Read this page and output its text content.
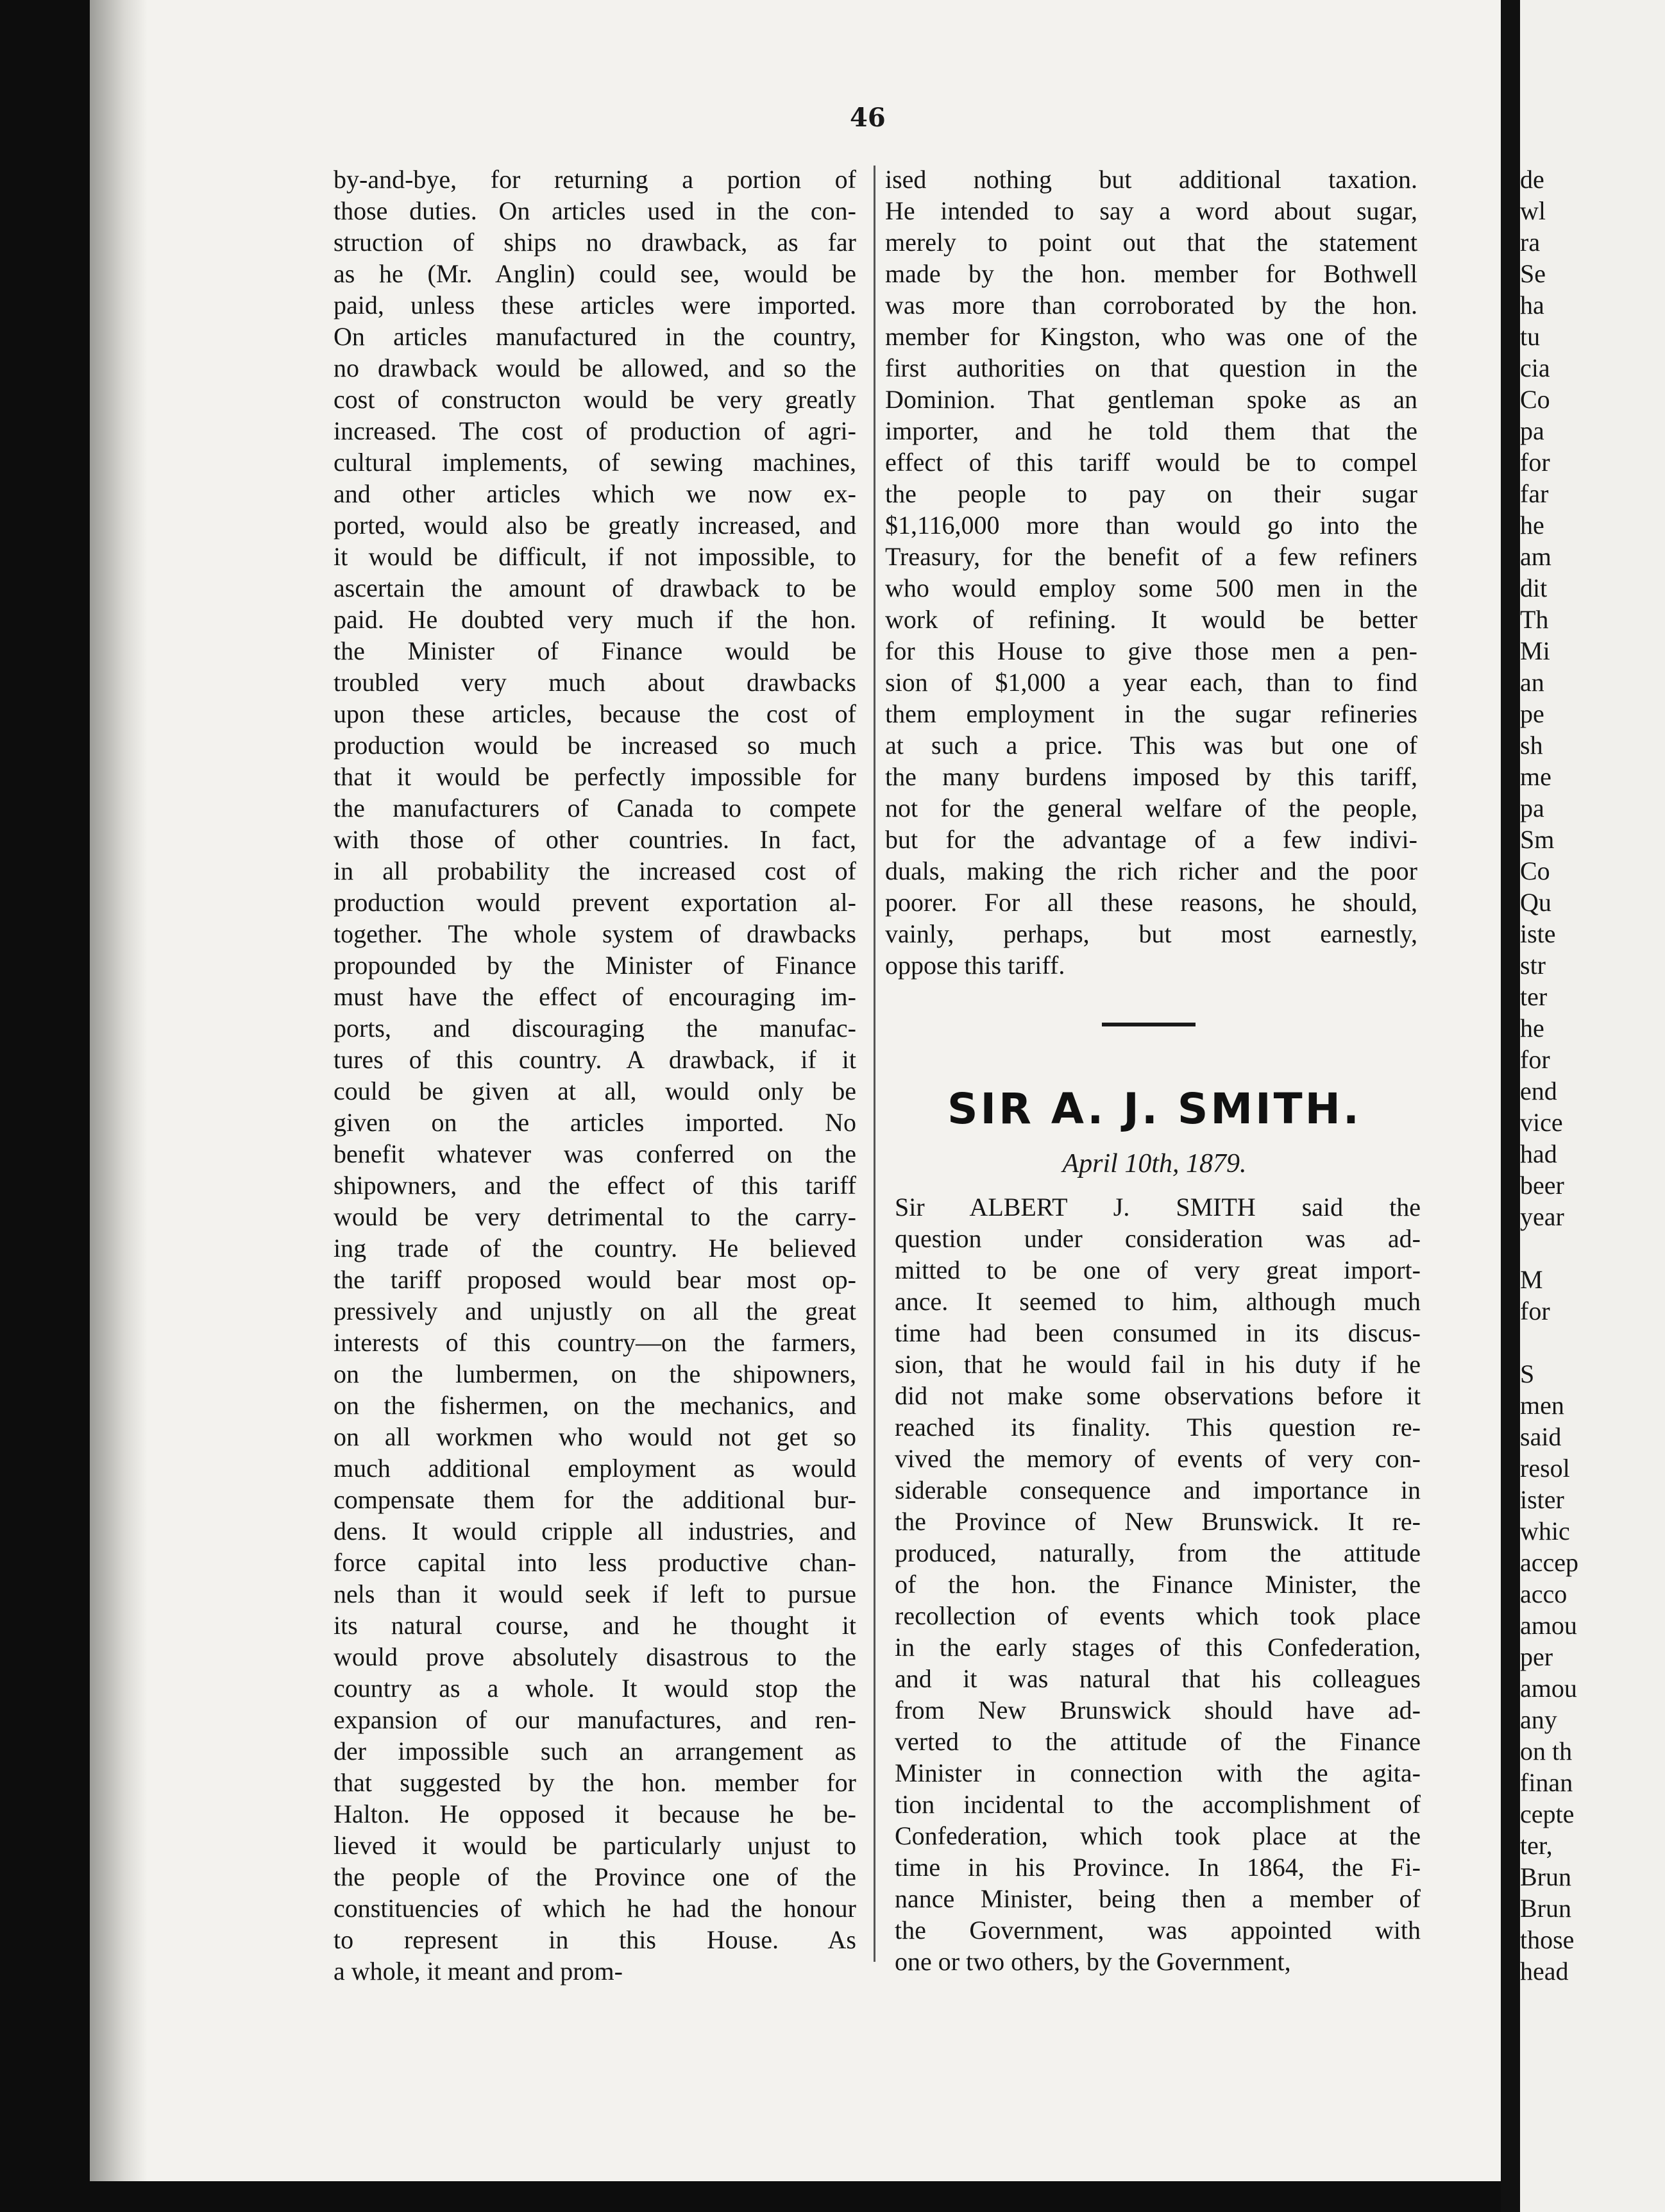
46
by-and-bye, for returning a portion of
those duties. On articles used in the con-
struction of ships no drawback, as far
as he (Mr. Anglin) could see, would be
paid, unless these articles were imported.
On articles manufactured in the country,
no drawback would be allowed, and so the
cost of constructon would be very greatly
increased. The cost of production of agri-
cultural implements, of sewing machines,
and other articles which we now ex-
ported, would also be greatly increased, and
it would be difficult, if not impossible, to
ascertain the amount of drawback to be
paid. He doubted very much if the hon.
the Minister of Finance would be
troubled very much about drawbacks
upon these articles, because the cost of
production would be increased so much
that it would be perfectly impossible for
the manufacturers of Canada to compete
with those of other countries. In fact,
in all probability the increased cost of
production would prevent exportation al-
together. The whole system of drawbacks
propounded by the Minister of Finance
must have the effect of encouraging im-
ports, and discouraging the manufac-
tures of this country. A drawback, if it
could be given at all, would only be
given on the articles imported. No
benefit whatever was conferred on the
shipowners, and the effect of this tariff
would be very detrimental to the carry-
ing trade of the country. He believed
the tariff proposed would bear most op-
pressively and unjustly on all the great
interests of this country—on the farmers,
on the lumbermen, on the shipowners,
on the fishermen, on the mechanics, and
on all workmen who would not get so
much additional employment as would
compensate them for the additional bur-
dens. It would cripple all industries, and
force capital into less productive chan-
nels than it would seek if left to pursue
its natural course, and he thought it
would prove absolutely disastrous to the
country as a whole. It would stop the
expansion of our manufactures, and ren-
der impossible such an arrangement as
that suggested by the hon. member for
Halton. He opposed it because he be-
lieved it would be particularly unjust to
the people of the Province one of the
constituencies of which he had the honour
to represent in this House. As
a whole, it meant and prom-
ised nothing but additional taxation.
He intended to say a word about sugar,
merely to point out that the statement
made by the hon. member for Bothwell
was more than corroborated by the hon.
member for Kingston, who was one of the
first authorities on that question in the
Dominion. That gentleman spoke as an
importer, and he told them that the
effect of this tariff would be to compel
the people to pay on their sugar
$1,116,000 more than would go into the
Treasury, for the benefit of a few refiners
who would employ some 500 men in the
work of refining. It would be better
for this House to give those men a pen-
sion of $1,000 a year each, than to find
them employment in the sugar refineries
at such a price. This was but one of
the many burdens imposed by this tariff,
not for the general welfare of the people,
but for the advantage of a few indivi-
duals, making the rich richer and the poor
poorer. For all these reasons, he should,
vainly, perhaps, but most earnestly,
oppose this tariff.
SIR A. J. SMITH.
April 10th, 1879.
Sir ALBERT J. SMITH said the
question under consideration was ad-
mitted to be one of very great import-
ance. It seemed to him, although much
time had been consumed in its discus-
sion, that he would fail in his duty if he
did not make some observations before it
reached its finality. This question re-
vived the memory of events of very con-
siderable consequence and importance in
the Province of New Brunswick. It re-
produced, naturally, from the attitude
of the hon. the Finance Minister, the
recollection of events which took place
in the early stages of this Confederation,
and it was natural that his colleagues
from New Brunswick should have ad-
verted to the attitude of the Finance
Minister in connection with the agita-
tion incidental to the accomplishment of
Confederation, which took place at the
time in his Province. In 1864, the Fi-
nance Minister, being then a member of
the Government, was appointed with
one or two others, by the Government,
de
wl
ra
Se
ha
tu
cia
Co
pa
for
far
he
am
dit
Th
Mi
an
pe
sh
me
pa
Sm
Co
Qu
iste
str
ter
he
for
end
vice
had
beer
year

M
for

S
men
said
resol
ister
whic
accep
acco
amou
per
amou
any
on th
finan
cepte
ter,
Brun
Brun
those
head
